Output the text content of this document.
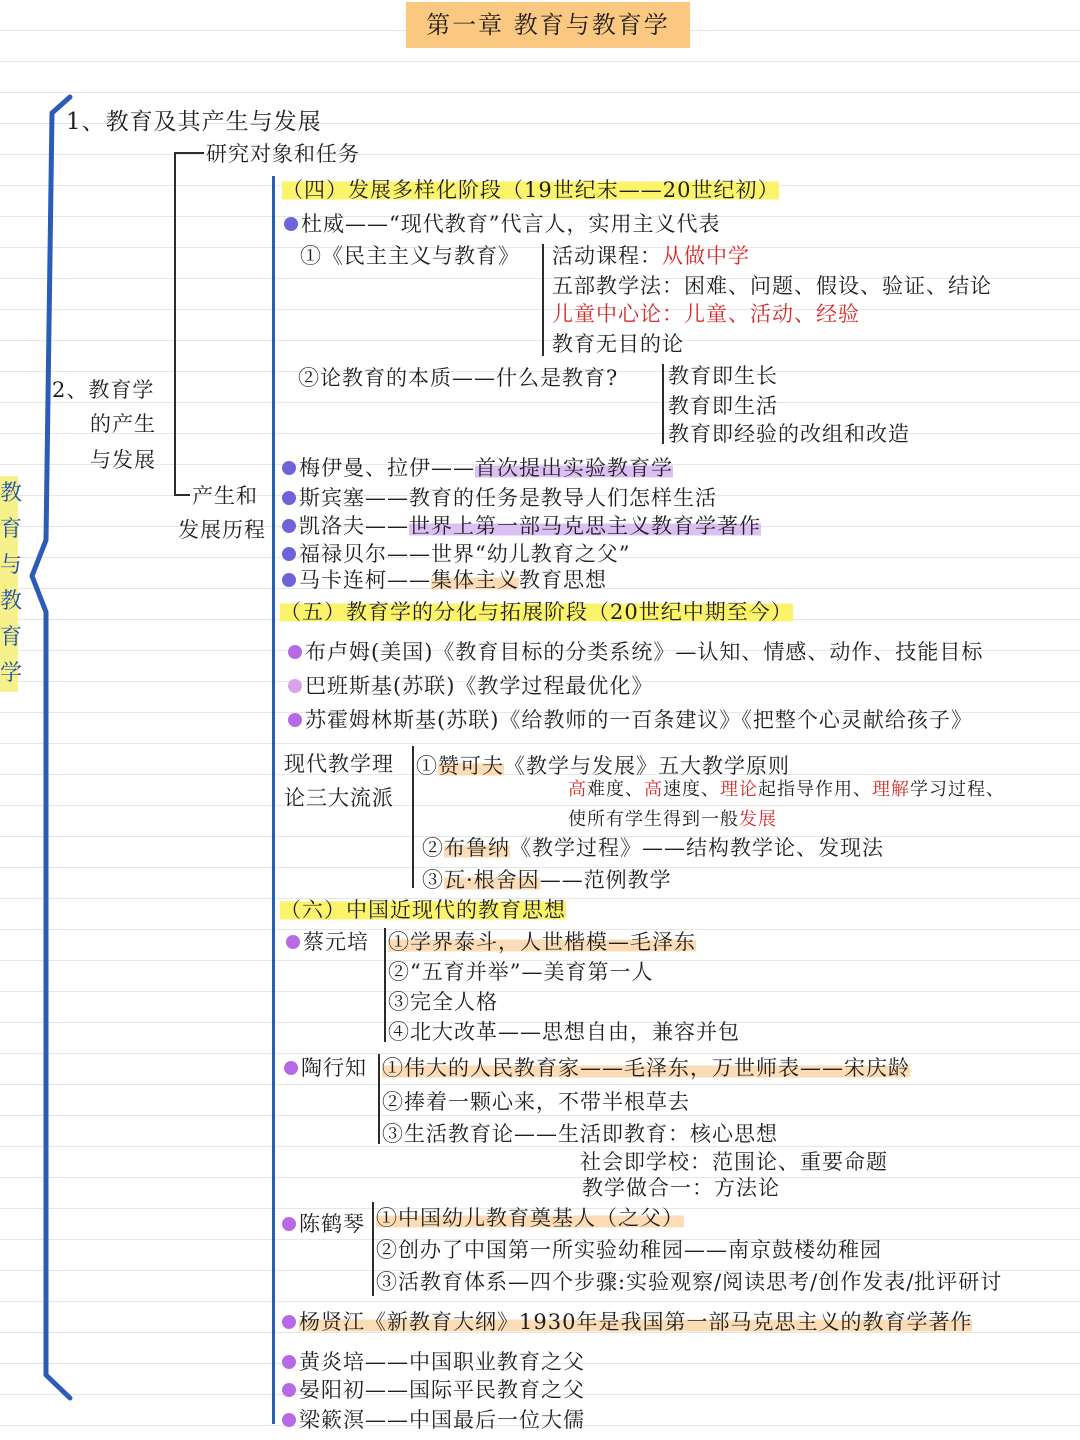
第一章 教育与教育学
教
育
与
教
育
学
1、教育及其产生与发展
2、教育学
的产生
与发展
研究对象和任务
产生和
发展历程
（四）发展多样化阶段（19世纪末——20世纪初）
杜威——“现代教育”代言人，实用主义代表
①《民主主义与教育》 活动课程：从做中学
五部教学法：困难、问题、假设、验证、结论
儿童中心论：儿童、活动、经验
教育无目的论
②论教育的本质——什么是教育? 教育即生长
教育即生活
教育即经验的改组和改造
梅伊曼、拉伊——首次提出实验教育学
斯宾塞——教育的任务是教导人们怎样生活
凯洛夫——世界上第一部马克思主义教育学著作
福禄贝尔——世界“幼儿教育之父”
马卡连柯——集体主义教育思想
（五）教育学的分化与拓展阶段（20世纪中期至今）
布卢姆(美国)《教育目标的分类系统》—认知、情感、动作、技能目标
巴班斯基(苏联)《教学过程最优化》
苏霍姆林斯基(苏联)《给教师的一百条建议》《把整个心灵献给孩子》
现代教学理
论三大流派
①赞可夫《教学与发展》五大教学原则
高难度、高速度、理论起指导作用、理解学习过程、
使所有学生得到一般发展
②布鲁纳《教学过程》——结构教学论、发现法
③瓦·根舍因——范例教学
（六）中国近现代的教育思想
蔡元培 ①学界泰斗，人世楷模—毛泽东
②“五育并举”—美育第一人
③完全人格
④北大改革——思想自由，兼容并包
陶行知 ①伟大的人民教育家——毛泽东，万世师表——宋庆龄
②捧着一颗心来，不带半根草去
③生活教育论——生活即教育：核心思想
社会即学校：范围论、重要命题
教学做合一：方法论
陈鹤琴 ①中国幼儿教育奠基人（之父）
②创办了中国第一所实验幼稚园——南京鼓楼幼稚园
③活教育体系—四个步骤:实验观察/阅读思考/创作发表/批评研讨
杨贤江《新教育大纲》1930年是我国第一部马克思主义的教育学著作
黄炎培——中国职业教育之父
晏阳初——国际平民教育之父
梁簌溟——中国最后一位大儒
